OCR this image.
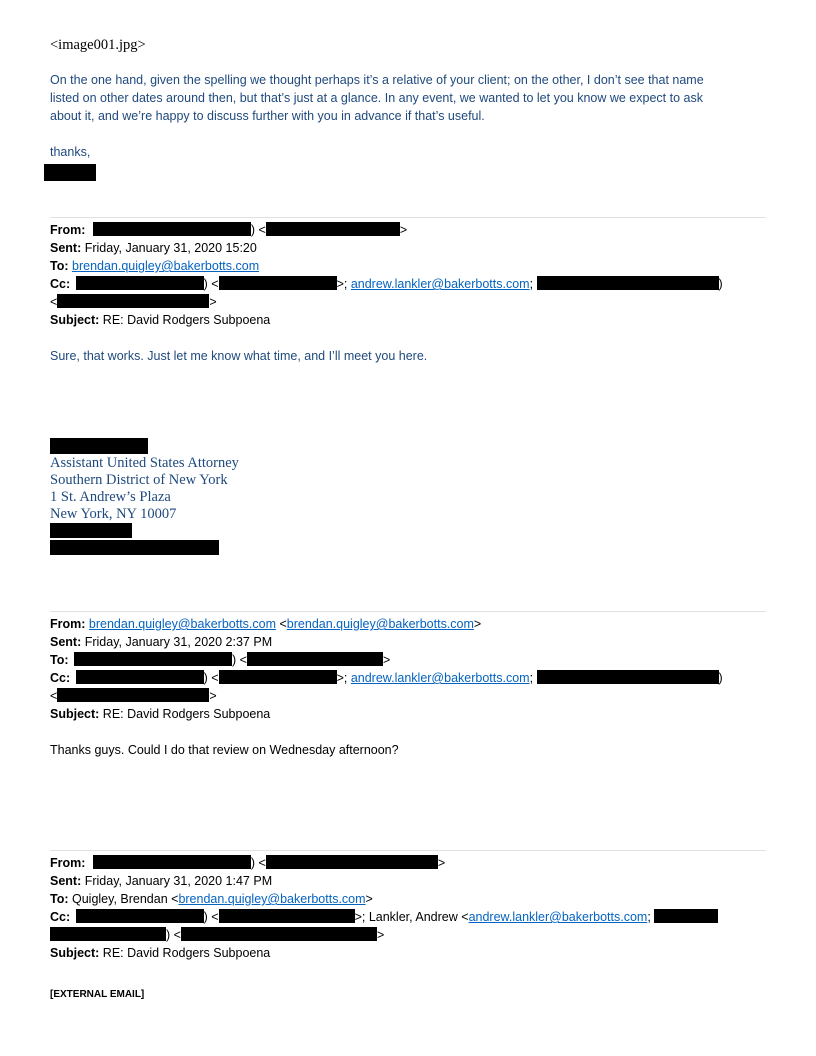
<image001.jpg>
On the one hand, given the spelling we thought perhaps it’s a relative of your client; on the other, I don’t see that name
listed on other dates around then, but that’s just at a glance. In any event, we wanted to let you know we expect to ask
about it, and we’re happy to discuss further with you in advance if that’s useful.
thanks,
From:	) <	>
Sent: Friday, January 31, 2020 15:20
To: brendan.quigley@bakerbotts.com
Cc:	) <	>; andrew.lankler@bakerbotts.com;	)
<	>
Subject: RE: David Rodgers Subpoena
Sure, that works. Just let me know what time, and I’ll meet you here.
Assistant United States Attorney
Southern District of New York
1 St. Andrew’s Plaza
New York, NY 10007
From: brendan.quigley@bakerbotts.com <brendan.quigley@bakerbotts.com>
Sent: Friday, January 31, 2020 2:37 PM
To:	) <	>
Cc:	) <	>; andrew.lankler@bakerbotts.com;	)
<	>
Subject: RE: David Rodgers Subpoena
Thanks guys. Could I do that review on Wednesday afternoon?
From:	) <	>
Sent: Friday, January 31, 2020 1:47 PM
To: Quigley, Brendan <brendan.quigley@bakerbotts.com>
Cc:	) <	>; Lankler, Andrew <andrew.lankler@bakerbotts.com;
) <	>
Subject: RE: David Rodgers Subpoena
[EXTERNAL EMAIL]
